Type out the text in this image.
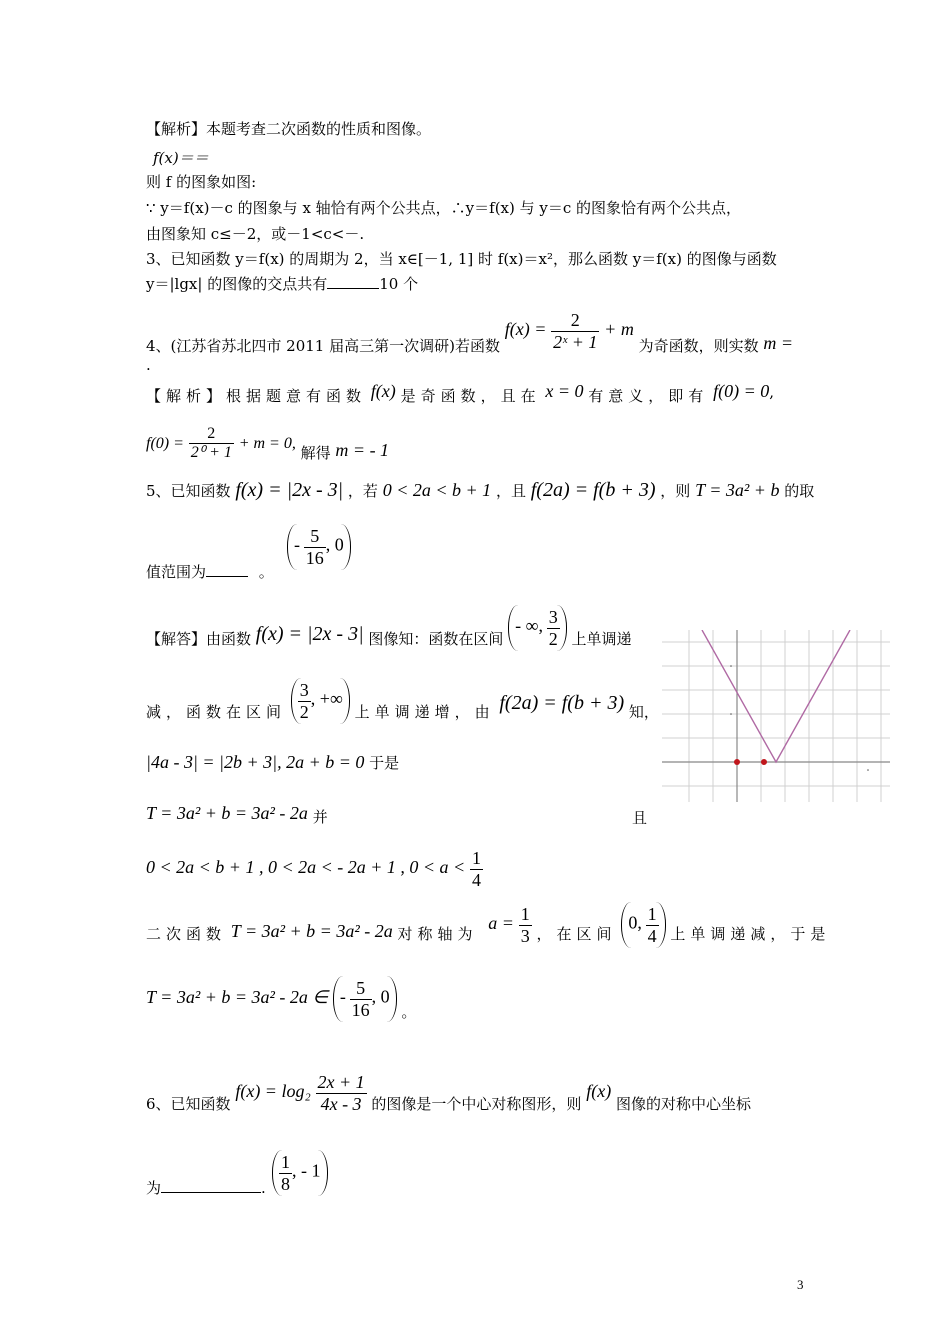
【解析】本题考查二次函数的性质和图像。
f(x)＝＝
则 f 的图象如图:
∵ y＝f(x)－c 的图象与 x 轴恰有两个公共点，∴y＝f(x) 与 y＝c 的图象恰有两个公共点，
由图象知 c≤－2，或－1<c<－.
3、已知函数 y＝f(x) 的周期为 2，当 x∈[－1, 1] 时 f(x)＝x²，那么函数 y＝f(x) 的图像与函数
y＝|lgx| 的图像的交点共有	10 个
4、(江苏省苏北四市 2011 届高三第一次调研)若函数 $f(x) = \frac{2}{\text{2ˣ + 1}} + m$ 为奇函数，则实数 m =
.
【解析】根据题意有函数 f(x) 是奇函数，且在 x = 0 有意义，即有 f(0) = 0,
$f(0) = \frac{2}{\text{2⁰ + 1}} + m = 0$, 解得 m = - 1
5、已知函数 f(x) = |2x - 3| ，若 0 < 2a < b + 1 ，且 f(2a) = f(b + 3) ，则 T = 3a² + b 的取
值范围为	。
- $\frac{5}{16}$ , 0
【解答】由函数 f(x) = |2x - 3| 图像知：函数在区间 - ∞, $\frac{3}{2}$ 上单调递
减，函数在区间 $\frac{3}{2}$ , +∞ 上单调递增，由 f(2a) = f(b + 3) 知，
|4a - 3| = |2b + 3|, 2a + b = 0 于是
T = 3a² + b = 3a² - 2a 并	且
0 < 2a < b + 1 , 0 < 2a < - 2a + 1 , $0 < a < \frac{1}{4}$
二次函数 T = 3a² + b = 3a² - 2a 对称轴为 $a = \frac{1}{3}$ ，在区间 0, $\frac{1}{4}$ 上单调递减，于是
T = 3a² + b = 3a² - 2a ∈ - $\frac{5}{16}$ , 0 。
6、已知函数 $f(x) = \log_2 \frac{2x + 1}{4x - 3}$ 的图像是一个中心对称图形，则 f(x) 图像的对称中心坐标
为	. $\frac{1}{8}$ , - 1
3
